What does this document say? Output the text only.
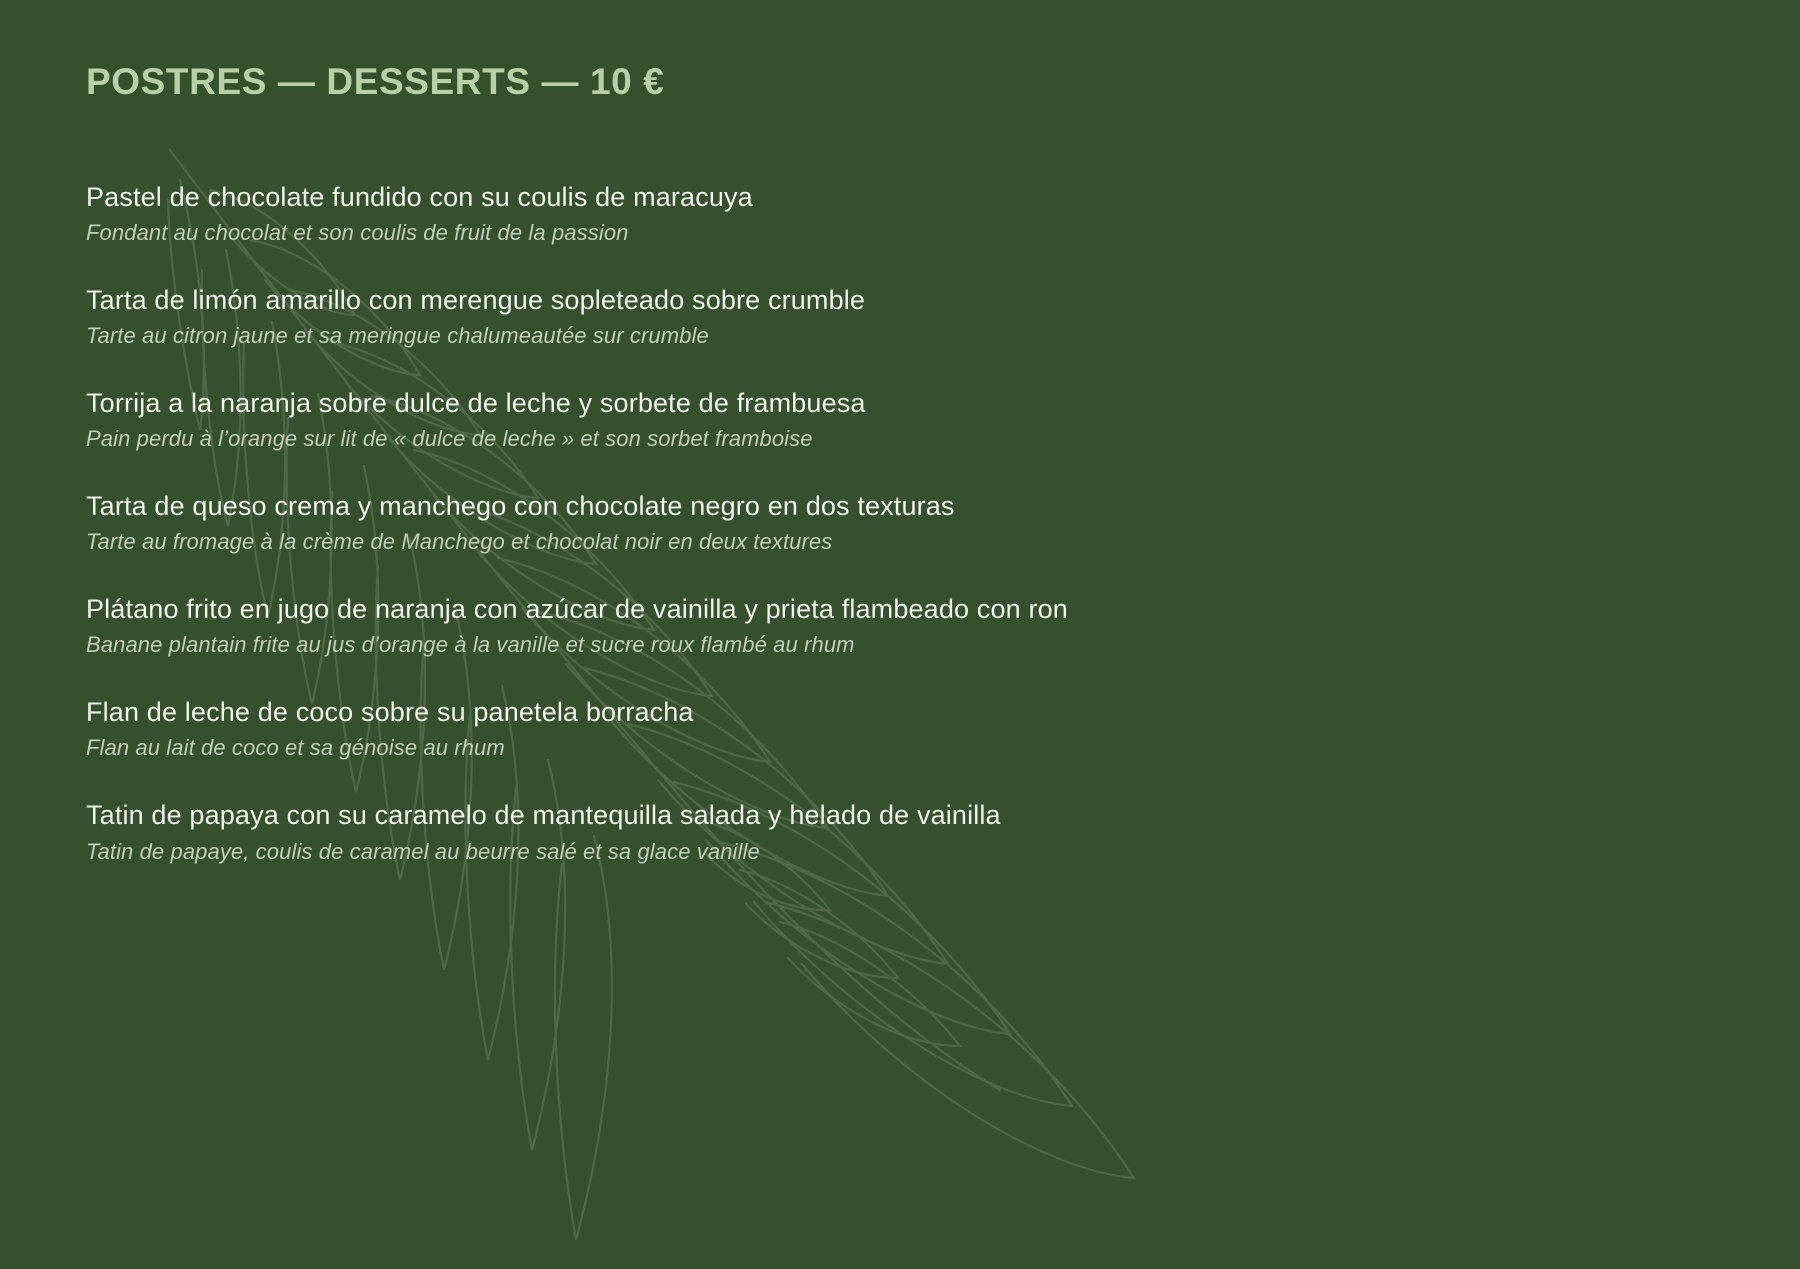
POSTRES — DESSERTS — 10 €

Pastel de chocolate fundido con su coulis de maracuya

Fondant au chocolat et son coulis de fruit de la passion

Tarta de limón amarillo con merengue sopleteado sobre crumble

Tarte au citron jaune et sa meringue chalumeautée sur crumble

Torrija a la naranja sobre dulce de leche y sorbete de frambuesa

Pain perdu à l’orange sur lit de « dulce de leche » et son sorbet framboise

Tarta de queso crema y manchego con chocolate negro en dos texturas

Tarte au fromage à la crème de Manchego et chocolat noir en deux textures

Plátano frito en jugo de naranja con azúcar de vainilla y prieta flambeado con ron

Banane plantain frite au jus d’orange à la vanille et sucre roux flambé au rhum

Flan de leche de coco sobre su panetela borracha

Flan au lait de coco et sa génoise au rhum

Tatin de papaya con su caramelo de mantequilla salada y helado de vainilla

Tatin de papaye, coulis de caramel au beurre salé et sa glace vanille
